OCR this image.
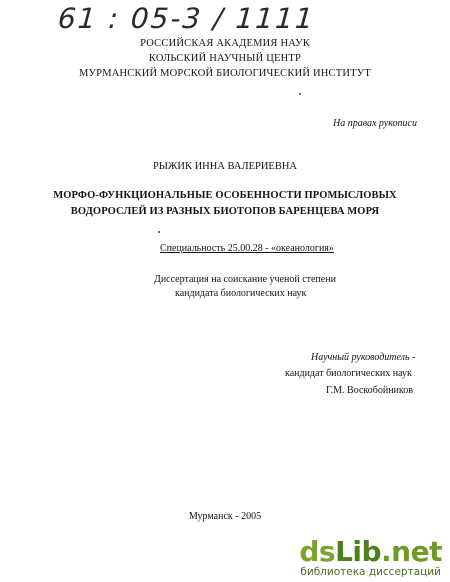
61 : 05-3 / 1111
РОССИЙСКАЯ АКАДЕМИЯ НАУК
КОЛЬСКИЙ НАУЧНЫЙ ЦЕНТР
МУРМАНСКИЙ МОРСКОЙ БИОЛОГИЧЕСКИЙ ИНСТИТУТ
На правах рукописи
РЫЖИК ИННА ВАЛЕРИЕВНА
МОРФО-ФУНКЦИОНАЛЬНЫЕ ОСОБЕННОСТИ ПРОМЫСЛОВЫХ
ВОДОРОСЛЕЙ ИЗ РАЗНЫХ БИОТОПОВ БАРЕНЦЕВА МОРЯ
Специальность 25.00.28 - «океанология»
Диссертация на соискание ученой степени
кандидата биологических наук
Научный руководитель -
кандидат биологических наук
Г.М. Воскобойников
Мурманск - 2005
dsLib.net
библиотека диссертаций
